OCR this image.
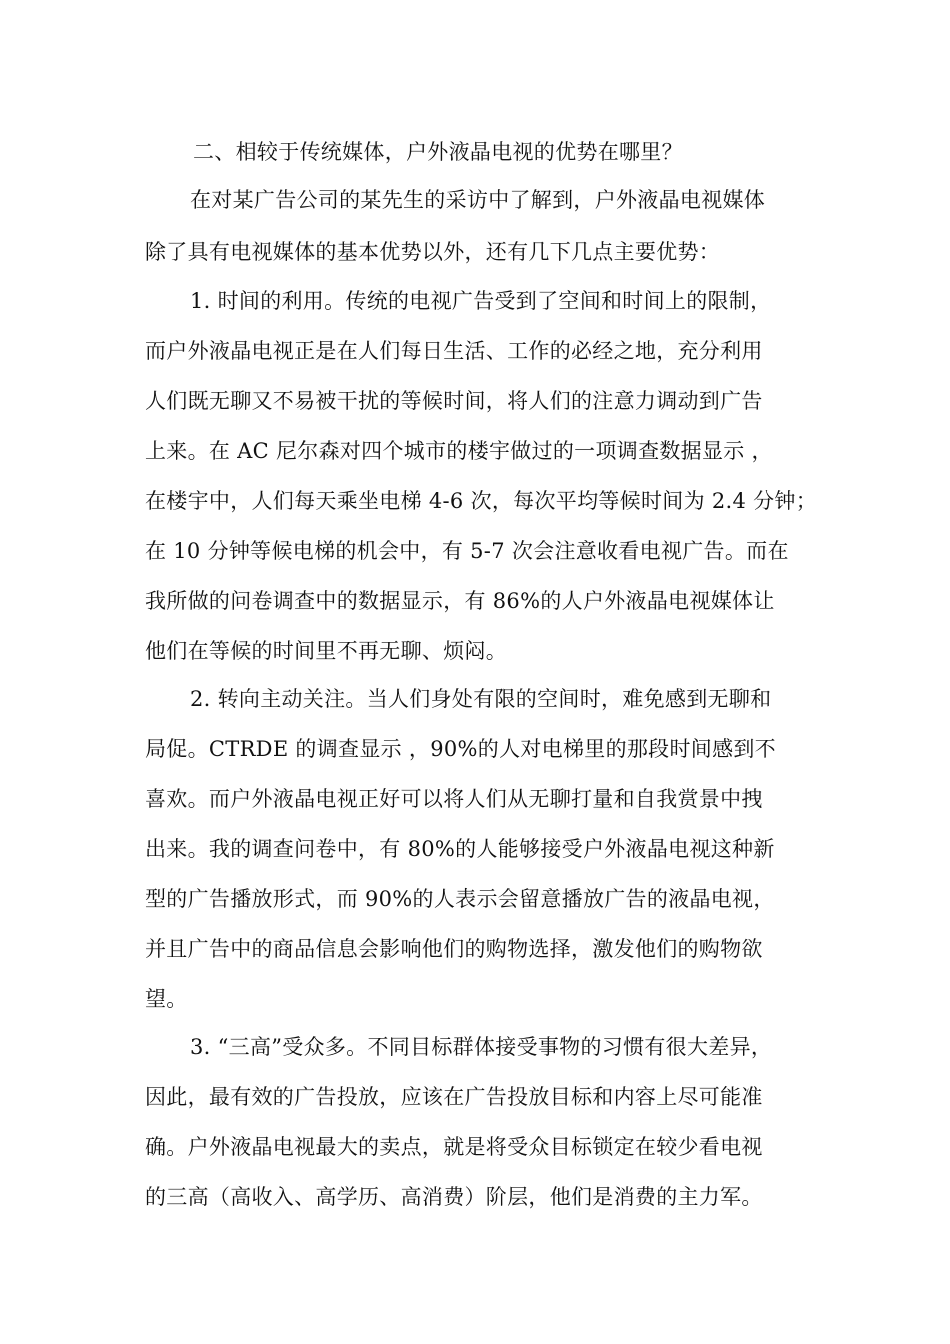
二、相较于传统媒体，户外液晶电视的优势在哪里？
在对某广告公司的某先生的采访中了解到，户外液晶电视媒体
除了具有电视媒体的基本优势以外，还有几下几点主要优势：
1. 时间的利用。传统的电视广告受到了空间和时间上的限制，
而户外液晶电视正是在人们每日生活、工作的必经之地，充分利用
人们既无聊又不易被干扰的等候时间，将人们的注意力调动到广告
上来。在 AC 尼尔森对四个城市的楼宇做过的一项调查数据显示 ，
在楼宇中，人们每天乘坐电梯 4-6 次，每次平均等候时间为 2.4 分钟；
在 10 分钟等候电梯的机会中，有 5-7 次会注意收看电视广告。而在
我所做的问卷调查中的数据显示，有 86%的人户外液晶电视媒体让
他们在等候的时间里不再无聊、烦闷。
2. 转向主动关注。当人们身处有限的空间时，难免感到无聊和
局促。CTRDE 的调查显示 ，90%的人对电梯里的那段时间感到不
喜欢。而户外液晶电视正好可以将人们从无聊打量和自我赏景中拽
出来。我的调查问卷中，有 80%的人能够接受户外液晶电视这种新
型的广告播放形式，而 90%的人表示会留意播放广告的液晶电视，
并且广告中的商品信息会影响他们的购物选择，激发他们的购物欲
望。
3. “三高”受众多。不同目标群体接受事物的习惯有很大差异，
因此，最有效的广告投放，应该在广告投放目标和内容上尽可能准
确。户外液晶电视最大的卖点，就是将受众目标锁定在较少看电视
的三高（高收入、高学历、高消费）阶层，他们是消费的主力军。
